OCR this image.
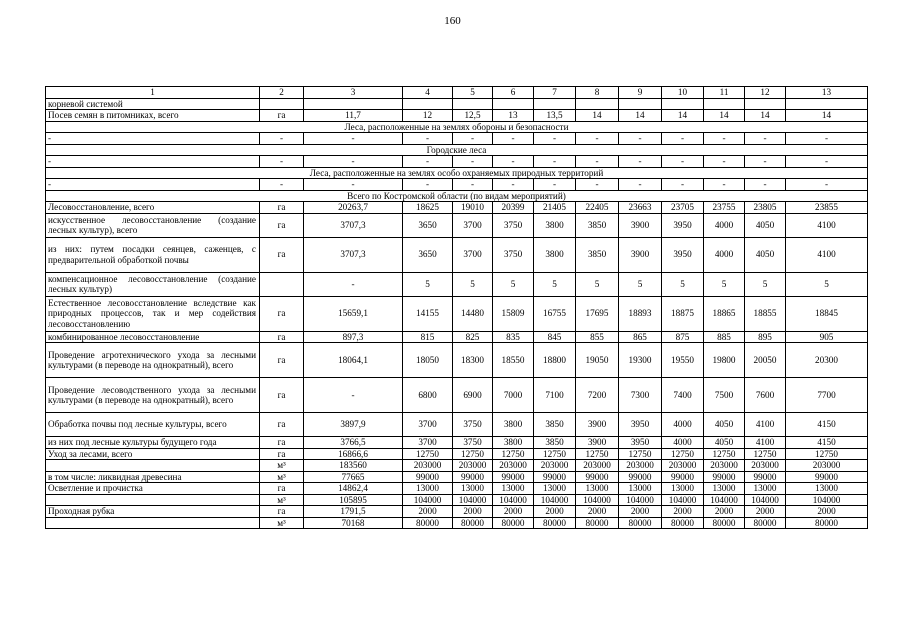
160
1	2	3	4	5	6	7	8	9	10	11	12	13
корневой системой												
Посев семян в питомниках, всего	га	11,7	12	12,5	13	13,5	14	14	14	14	14	14
Леса, расположенные на землях обороны и безопасности												
-	-	-	-	-	-	-	-	-	-	-	-	-
Городские леса												
-	-	-	-	-	-	-	-	-	-	-	-	-
Леса, расположенные на землях особо охраняемых природных территорий												
-	-	-	-	-	-	-	-	-	-	-	-	-
Всего по Костромской области (по видам мероприятий)												
Лесовосстановление, всего	га	20263,7	18625	19010	20399	21405	22405	23663	23705	23755	23805	23855
искусственное лесовосстановление (создание лесных культур), всего	га	3707,3	3650	3700	3750	3800	3850	3900	3950	4000	4050	4100
из них: путем посадки сеянцев, саженцев, с предварительной обработкой почвы	га	3707,3	3650	3700	3750	3800	3850	3900	3950	4000	4050	4100
компенсационное лесовосстановление (создание лесных культур)		-	5	5	5	5	5	5	5	5	5	5
Естественное лесовосстановление вследствие как природных процессов, так и мер содействия лесовосстановлению	га	15659,1	14155	14480	15809	16755	17695	18893	18875	18865	18855	18845
комбинированное лесовосстановление	га	897,3	815	825	835	845	855	865	875	885	895	905
Проведение агротехнического ухода за лесными культурами (в переводе на однократный), всего	га	18064,1	18050	18300	18550	18800	19050	19300	19550	19800	20050	20300
Проведение лесоводственного ухода за лесными культурами (в переводе на однократный), всего	га	-	6800	6900	7000	7100	7200	7300	7400	7500	7600	7700
Обработка почвы под лесные культуры, всего	га	3897,9	3700	3750	3800	3850	3900	3950	4000	4050	4100	4150
из них под лесные культуры будущего года	га	3766,5	3700	3750	3800	3850	3900	3950	4000	4050	4100	4150
Уход за лесами, всего	га	16866,6	12750	12750	12750	12750	12750	12750	12750	12750	12750	12750
	м³	183560	203000	203000	203000	203000	203000	203000	203000	203000	203000	203000
в том числе: ликвидная древесина	м³	77665	99000	99000	99000	99000	99000	99000	99000	99000	99000	99000
Осветление и прочистка	га	14862,4	13000	13000	13000	13000	13000	13000	13000	13000	13000	13000
	м³	105895	104000	104000	104000	104000	104000	104000	104000	104000	104000	104000
Проходная рубка	га	1791,5	2000	2000	2000	2000	2000	2000	2000	2000	2000	2000
	м³	70168	80000	80000	80000	80000	80000	80000	80000	80000	80000	80000
